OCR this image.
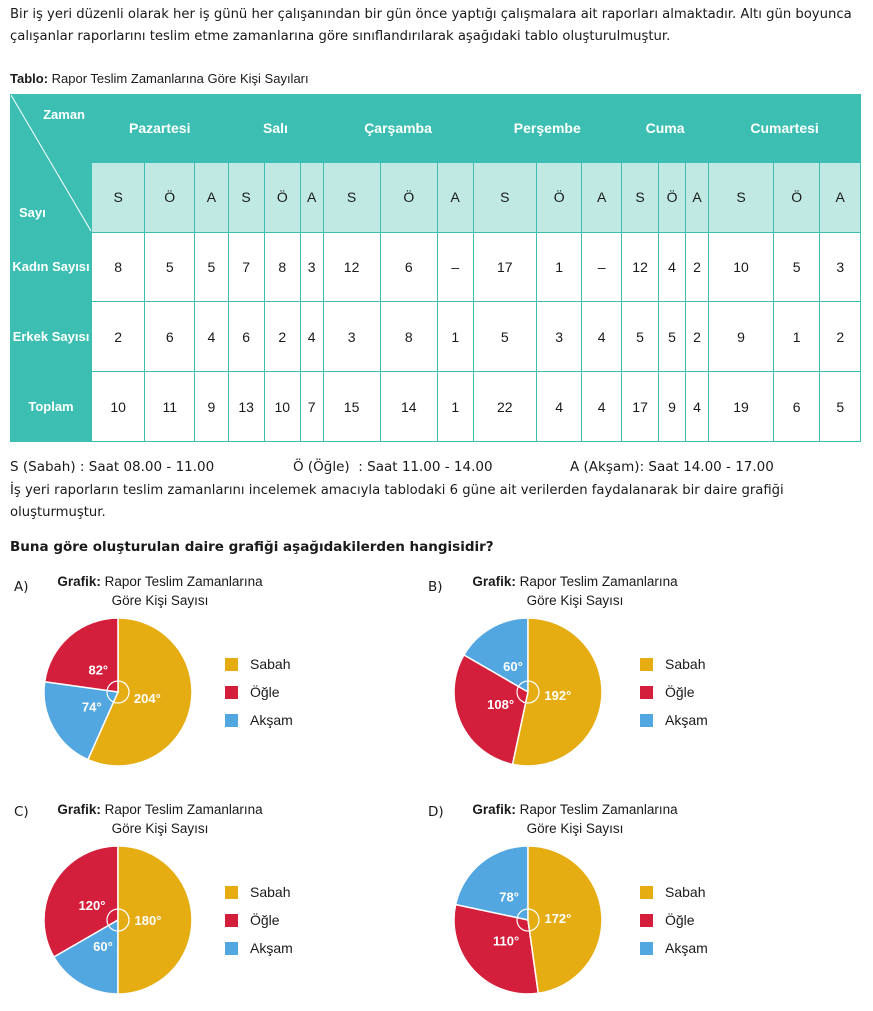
Bir iş yeri düzenli olarak her iş günü her çalışanından bir gün önce yaptığı çalışmalara ait raporları almaktadır. Altı gün boyunca çalışanlar raporlarını teslim etme zamanlarına göre sınıflandırılarak aşağıdaki tablo oluşturulmuştur.
Tablo: Rapor Teslim Zamanlarına Göre Kişi Sayıları
Zaman
Sayı	Pazartesi			Salı			Çarşamba			Perşembe			Cuma			Cumartesi		
	S	Ö	A	S	Ö	A	S	Ö	A	S	Ö	A	S	Ö	A	S	Ö	A
Kadın Sayısı	8	5	5	7	8	3	12	6	–	17	1	–	12	4	2	10	5	3
Erkek Sayısı	2	6	4	6	2	4	3	8	1	5	3	4	5	5	2	9	1	2
Toplam	10	11	9	13	10	7	15	14	1	22	4	4	17	9	4	19	6	5
S (Sabah) : Saat 08.00 - 11.00	Ö (Öğle)  : Saat 11.00 - 14.00	A (Akşam): Saat 14.00 - 17.00
İş yeri raporların teslim zamanlarını incelemek amacıyla tablodaki 6 güne ait verilerden faydalanarak bir daire grafiği oluşturmuştur.
Buna göre oluşturulan daire grafiği aşağıdakilerden hangisidir?
A)	Grafik: Rapor Teslim Zamanlarına
Göre Kişi Sayısı
204°
74°
82°	Sabah
Öğle
Akşam
B)	Grafik: Rapor Teslim Zamanlarına
Göre Kişi Sayısı
60°
108°
192°
Sabah
Öğle
Akşam
C)	Grafik: Rapor Teslim Zamanlarına
Göre Kişi Sayısı
120°
60°
180°
Sabah
Öğle
Akşam
D)	Grafik: Rapor Teslim Zamanlarına
Göre Kişi Sayısı
78°
110°
172°
Sabah
Öğle
Akşam
